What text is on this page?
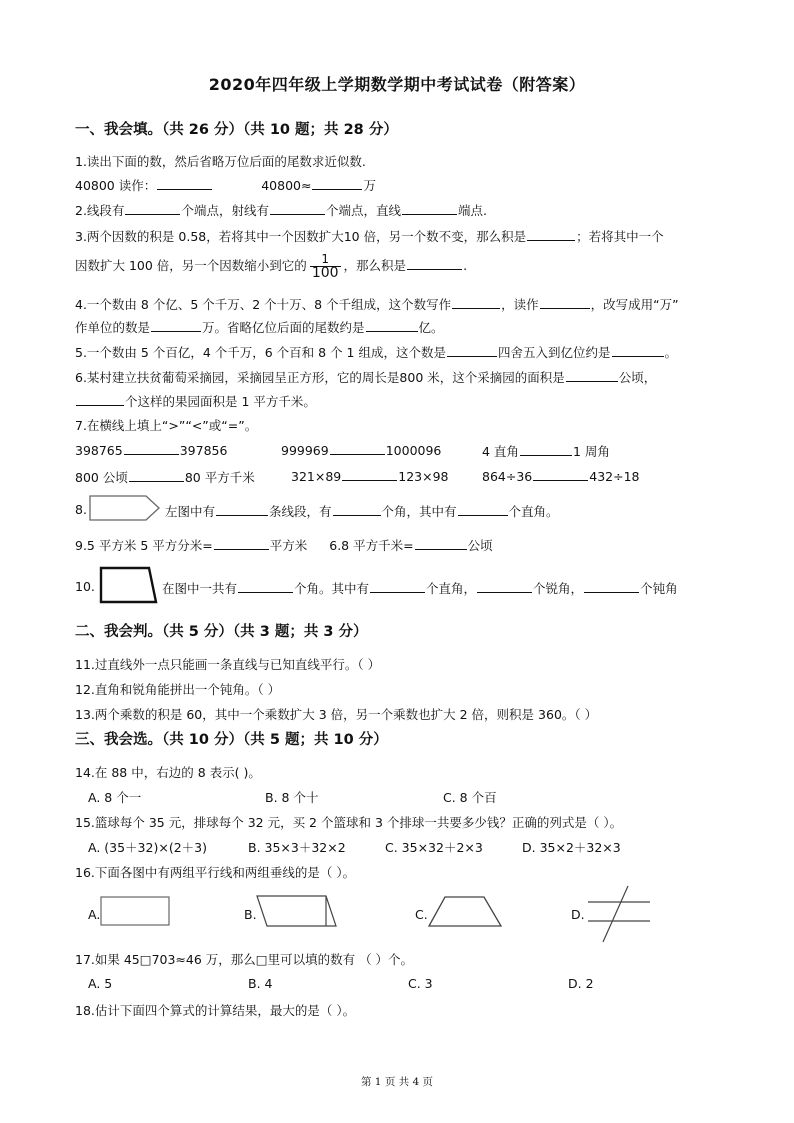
2020年四年级上学期数学期中考试试卷（附答案）
一、我会填。（共 26 分）（共 10 题；共 28 分）
1.读出下面的数，然后省略万位后面的尾数求近似数.
40800 读作：	40800≈	万
2.线段有	个端点，射线有	个端点，直线	端点.
3.两个因数的积是 0.58，若将其中一个因数扩大10 倍，另一个数不变，那么积是	；若将其中一个
因数扩大 100 倍，另一个因数缩小到它的 $\frac{1}{100}$ ，那么积是	.
4.一个数由 8 个亿、5 个千万、2 个十万、8 个千组成，这个数写作	，读作	，改写成用“万”
作单位的数是	万。省略亿位后面的尾数约是	亿。
5.一个数由 5 个百亿，4 个千万，6 个百和 8 个 1 组成，这个数是	四舍五入到亿位约是	。
6.某村建立扶贫葡萄采摘园，采摘园呈正方形，它的周长是800 米，这个采摘园的面积是	公顷，
个这样的果园面积是 1 平方千米。
7.在横线上填上“>”“<”或“=”。
398765	397856	999969	1000096	4 直角	1 周角
800 公顷	80 平方千米	321×89	123×98	864÷36	432÷18
8.	左图中有	条线段，有	个角，其中有	个直角。
9.5 平方米 5 平方分米=	平方米 6.8 平方千米=	公顷
10.	在图中一共有	个角。其中有	个直角，	个锐角，	个钝角
二、我会判。（共 5 分）（共 3 题；共 3 分）
11.过直线外一点只能画一条直线与已知直线平行。（ ）
12.直角和锐角能拼出一个钝角。（ ）
13.两个乘数的积是 60，其中一个乘数扩大 3 倍，另一个乘数也扩大 2 倍，则积是 360。（ ）
三、我会选。（共 10 分）（共 5 题；共 10 分）
14.在 88 中，右边的 8 表示( )。
A. 8 个一	B. 8 个十	C. 8 个百
15.篮球每个 35 元，排球每个 32 元，买 2 个篮球和 3 个排球一共要多少钱？正确的列式是（ ）。
A. (35＋32)×(2＋3)	B. 35×3＋32×2	C. 35×32＋2×3	D. 35×2＋32×3
16.下面各图中有两组平行线和两组垂线的是（ ）。
A.	B.	C.	D.
17.如果 45□703≈46 万，那么□里可以填的数有 （ ）个。
A. 5	B. 4	C. 3	D. 2
18.估计下面四个算式的计算结果，最大的是（ ）。
第 1 页 共 4 页
